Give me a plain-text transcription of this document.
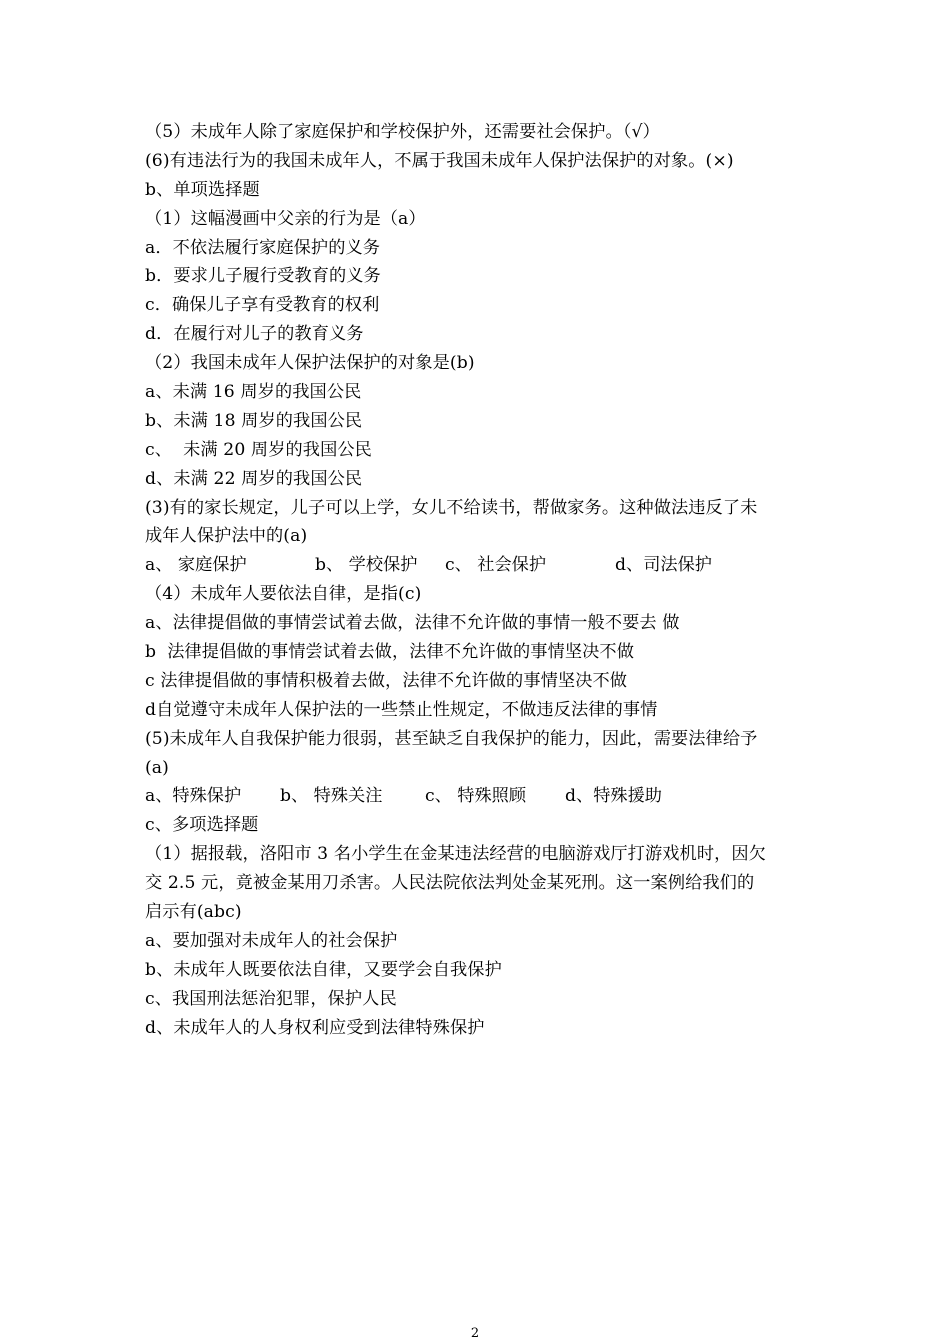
（5）未成年人除了家庭保护和学校保护外，还需要社会保护。（√）
(6)有违法行为的我国未成年人，不属于我国未成年人保护法保护的对象。(×)
b、单项选择题
（1）这幅漫画中父亲的行为是（a）
a．不依法履行家庭保护的义务
b．要求儿子履行受教育的义务
c．确保儿子享有受教育的权利
d．在履行对儿子的教育义务
（2）我国未成年人保护法保护的对象是(b)
a、未满 16 周岁的我国公民
b、未满 18 周岁的我国公民
c、  未满 20 周岁的我国公民
d、未满 22 周岁的我国公民
(3)有的家长规定，儿子可以上学，女儿不给读书，帮做家务。这种做法违反了未
成年人保护法中的(a)
a、 家庭保护	b、 学校保护	c、 社会保护	d、司法保护
（4）未成年人要依法自律，是指(c)
a、法律提倡做的事情尝试着去做，法律不允许做的事情一般不要去 做
b  法律提倡做的事情尝试着去做，法律不允许做的事情坚决不做
c 法律提倡做的事情积极着去做，法律不允许做的事情坚决不做
d自觉遵守未成年人保护法的一些禁止性规定，不做违反法律的事情
(5)未成年人自我保护能力很弱，甚至缺乏自我保护的能力，因此，需要法律给予
(a)
a、特殊保护	b、 特殊关注	c、 特殊照顾	d、特殊援助
c、多项选择题
（1）据报载，洛阳市 3 名小学生在金某违法经营的电脑游戏厅打游戏机时，因欠
交 2.5 元，竟被金某用刀杀害。人民法院依法判处金某死刑。这一案例给我们的
启示有(abc)
a、要加强对未成年人的社会保护
b、未成年人既要依法自律，又要学会自我保护
c、我国刑法惩治犯罪，保护人民
d、未成年人的人身权利应受到法律特殊保护
2
